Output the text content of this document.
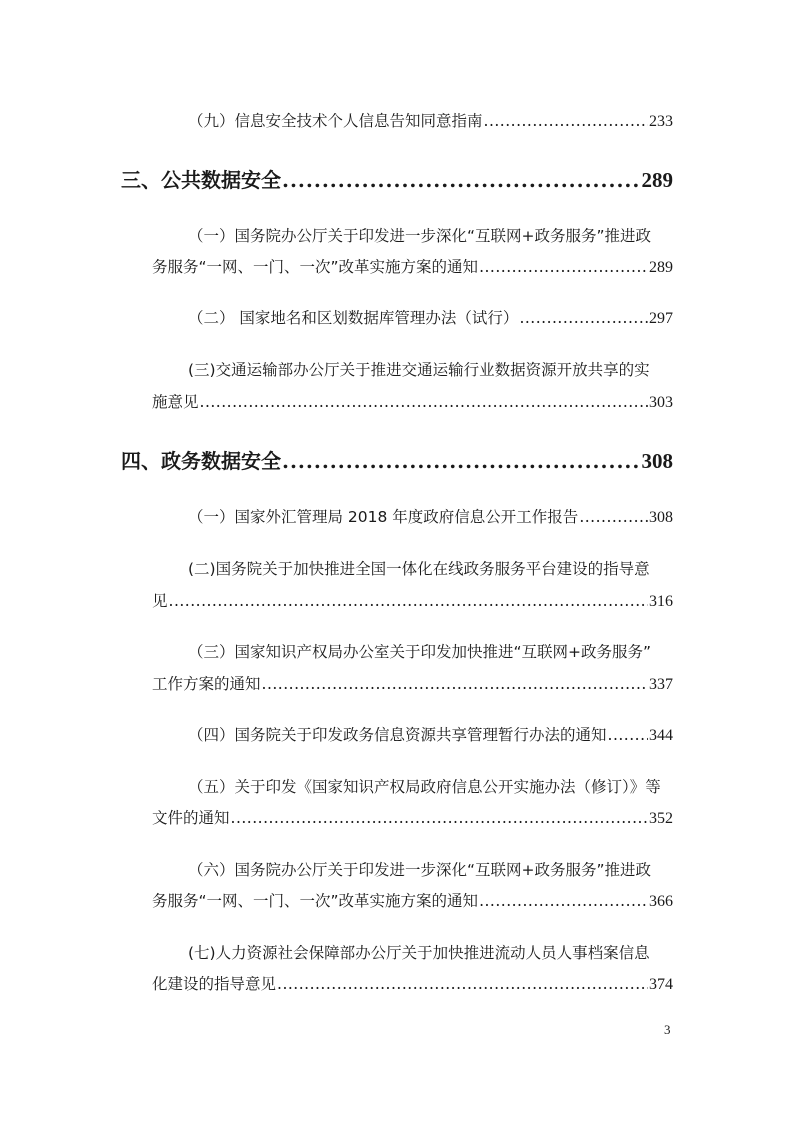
（九）信息安全技术个人信息告知同意指南 .....	233
三、 公共数据安全 .....	289
（一）国务院办公厅关于印发进一步深化“互联网+政务服务”推进政
务服务“一网、一门、一次”改革实施方案的通知 .....	289
（二） 国家地名和区划数据库管理办法（试行） .....	297
(三)交通运输部办公厅关于推进交通运输行业数据资源开放共享的实
施意见 .....	303
四、 政务数据安全 .....	308
（一）国家外汇管理局 2018 年度政府信息公开工作报告 .....	308
(二)国务院关于加快推进全国一体化在线政务服务平台建设的指导意
见 .....	316
（三）国家知识产权局办公室关于印发加快推进“互联网+政务服务”
工作方案的通知 .....	337
（四）国务院关于印发政务信息资源共享管理暂行办法的通知 .....	344
（五）关于印发《国家知识产权局政府信息公开实施办法（修订）》等
文件的通知 .....	352
（六）国务院办公厅关于印发进一步深化“互联网+政务服务”推进政
务服务“一网、一门、一次”改革实施方案的通知 .....	366
(七)人力资源社会保障部办公厅关于加快推进流动人员人事档案信息
化建设的指导意见 .....	374
3
